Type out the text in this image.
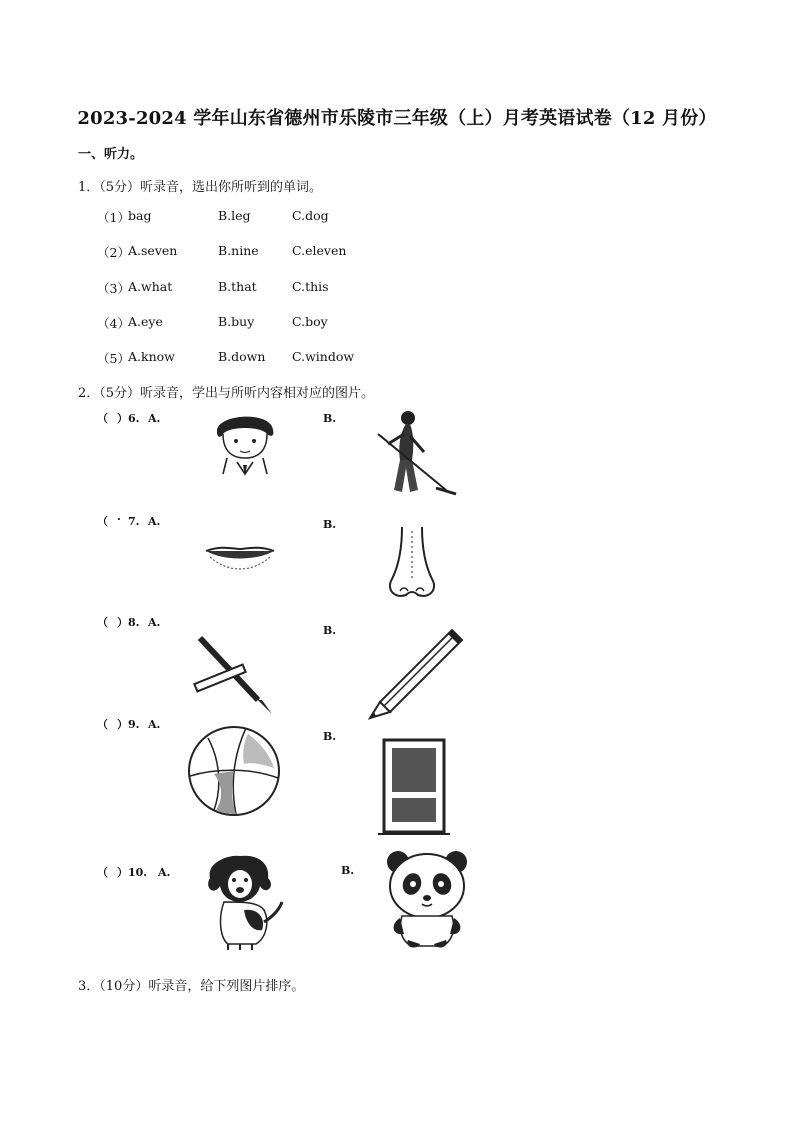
2023-2024 学年山东省德州市乐陵市三年级（上）月考英语试卷（12 月份）
一、听力。
1．（5分）听录音，选出你所听到的单词。
（1）
bag	B.leg	C.dog
（2）
A.seven	B.nine	C.eleven
（3）
A.what	B.that	C.this
（4）
A.eye	B.buy	C.boy
（5）
A.know	B.down C.window
2．（5分）听录音，学出与所听内容相对应的图片。
（ ） 6. A.	B.
（ · 7. A.	B.
（ ） 8. A.
B.
（ ） 9. A.
B.
（ ） 10. A.	B.
3．（10分）听录音，给下列图片排序。
